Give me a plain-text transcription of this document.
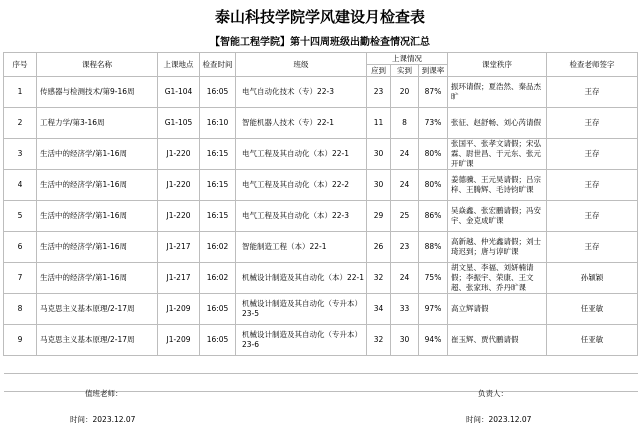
泰山科技学院学风建设月检查表
【智能工程学院】第十四周班级出勤检查情况汇总
序号	课程名称	上课地点	检查时间	班级	上课情况			课堂秩序	检查老师签字
					应到	实到	到课率		
1	传感器与检测技术/第9-16周	G1-104	16:05	电气自动化技术（专）22-3	23	20	87%	振环请假；夏浩然、秦品杰旷	王存
2	工程力学/第3-16周	G1-105	16:10	智能机器人技术（专）22-1	11	8	73%	张征、赵舒畅、刘心芮请假	王存
3	生活中的经济学/第1-16周	J1-220	16:15	电气工程及其自动化（本）22-1	30	24	80%	张国平、张孝文请假；宋弘霖、尉世昌、于元东、张元开旷课	王存
4	生活中的经济学/第1-16周	J1-220	16:15	电气工程及其自动化（本）22-2	30	24	80%	姜德骥、王元昊请假；吕宗梓、王腾辉、毛诗钧旷课	王存
5	生活中的经济学/第1-16周	J1-220	16:15	电气工程及其自动化（本）22-3	29	25	86%	吴焱鑫、张宏鹏请假；冯安宇、金克成旷课	王存
6	生活中的经济学/第1-16周	J1-217	16:02	智能制造工程（本）22-1	26	23	88%	高新越、仲光鑫请假；刘士琦迟到；唐与谆旷课	王存
7	生活中的经济学/第1-16周	J1-217	16:02	机械设计制造及其自动化（本）22-1	32	24	75%	胡文星、李福、刘妍楠请假；李振宇、荣康、王文超、张家玮、乔丹旷课	孙颖颖
8	马克思主义基本原理/2-17周	J1-209	16:05	机械设计制造及其自动化（专升本）23-5	34	33	97%	高立辉请假	任亚敏
9	马克思主义基本原理/2-17周	J1-209	16:05	机械设计制造及其自动化（专升本）23-6	32	30	94%	崔玉辉、贾代鹏请假	任亚敏

值班老师：	负责人：
时间：2023.12.07	时间：2023.12.07
